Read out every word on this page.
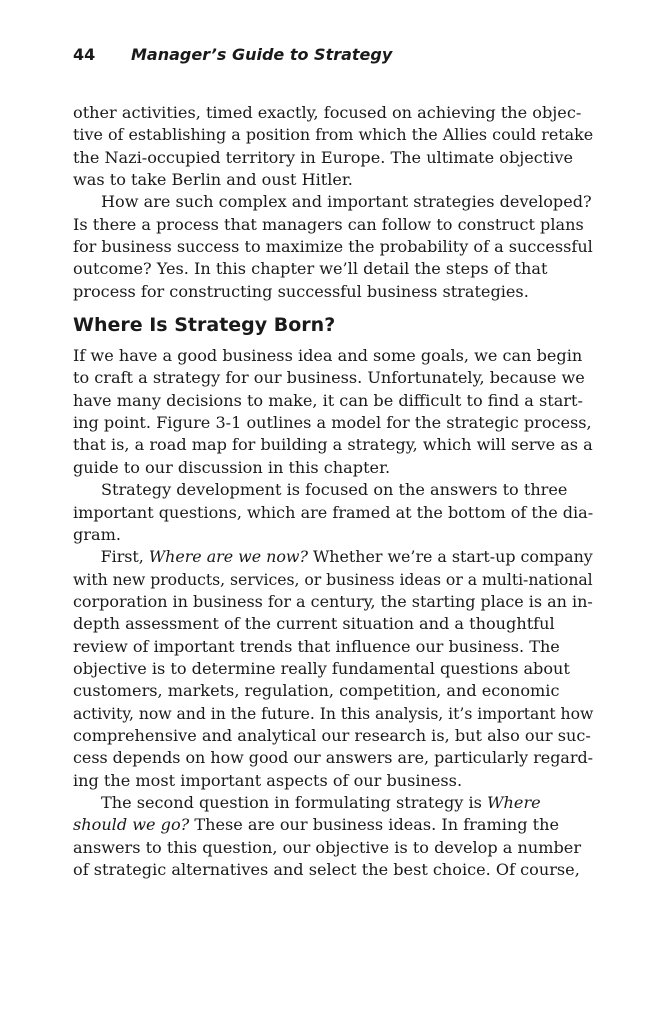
44 Manager’s Guide to Strategy
other activities, timed exactly, focused on achieving the objec-
tive of establishing a position from which the Allies could retake
the Nazi-occupied territory in Europe. The ultimate objective
was to take Berlin and oust Hitler.
How are such complex and important strategies developed?
Is there a process that managers can follow to construct plans
for business success to maximize the probability of a successful
outcome? Yes. In this chapter we’ll detail the steps of that
process for constructing successful business strategies.
Where Is Strategy Born?
If we have a good business idea and some goals, we can begin
to craft a strategy for our business. Unfortunately, because we
have many decisions to make, it can be difficult to find a start-
ing point. Figure 3-1 outlines a model for the strategic process,
that is, a road map for building a strategy, which will serve as a
guide to our discussion in this chapter.
Strategy development is focused on the answers to three
important questions, which are framed at the bottom of the dia-
gram.
First, Where are we now? Whether we’re a start-up company
with new products, services, or business ideas or a multi-national
corporation in business for a century, the starting place is an in-
depth assessment of the current situation and a thoughtful
review of important trends that influence our business. The
objective is to determine really fundamental questions about
customers, markets, regulation, competition, and economic
activity, now and in the future. In this analysis, it’s important how
comprehensive and analytical our research is, but also our suc-
cess depends on how good our answers are, particularly regard-
ing the most important aspects of our business.
The second question in formulating strategy is Where
should we go? These are our business ideas. In framing the
answers to this question, our objective is to develop a number
of strategic alternatives and select the best choice. Of course,
